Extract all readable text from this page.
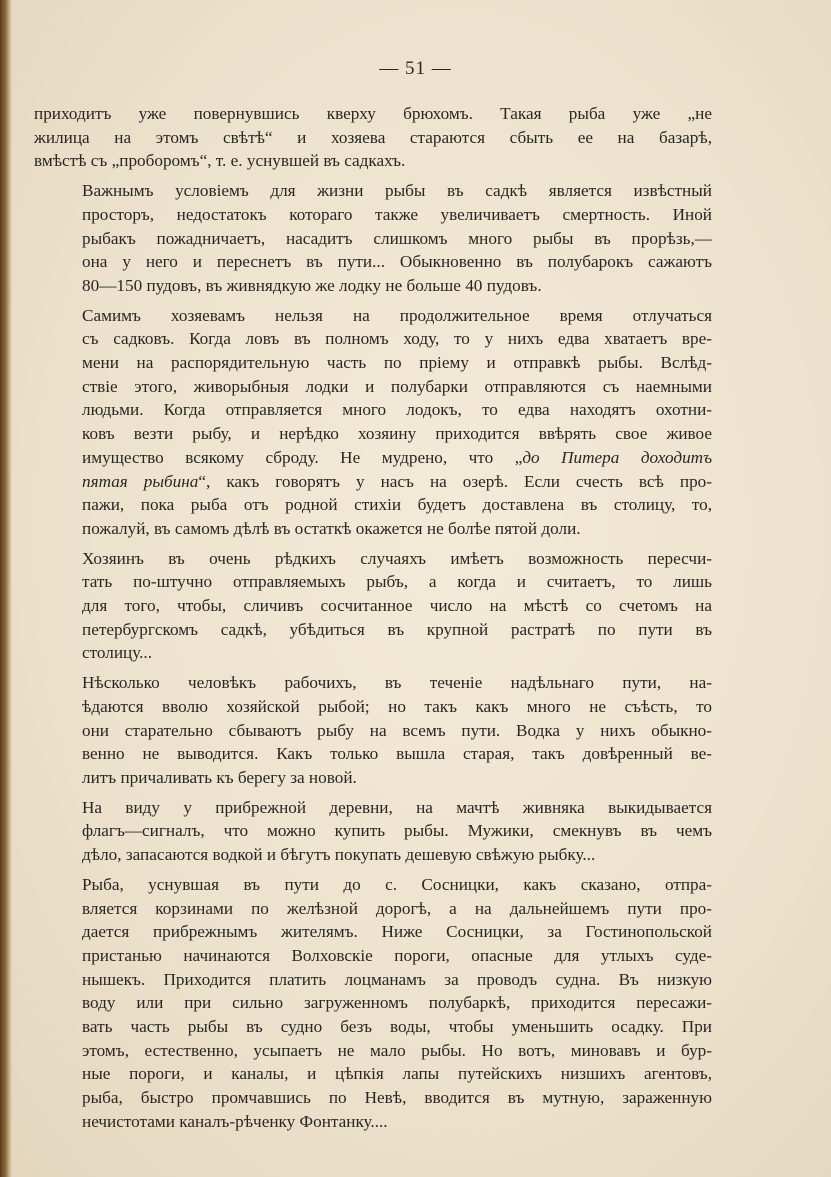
— 51 —

приходитъ уже повернувшись кверху брюхомъ. Такая рыба уже „не
жилица на этомъ свѣтѣ“ и хозяева стараются сбыть ее на базарѣ,
вмѣстѣ съ „проборомъ“, т. е. уснувшей въ садкахъ.

Важнымъ условіемъ для жизни рыбы въ садкѣ является извѣстный
просторъ, недостатокъ котораго также увеличиваетъ смертность. Иной
рыбакъ пожадничаетъ, насадитъ слишкомъ много рыбы въ прорѣзь,—
она у него и переснетъ въ пути... Обыкновенно въ полубарокъ сажаютъ
80—150 пудовъ, въ живнядкую же лодку не больше 40 пудовъ.

Самимъ хозяевамъ нельзя на продолжительное время отлучаться
съ садковъ. Когда ловъ въ полномъ ходу, то у нихъ едва хватаетъ вре-
мени на распорядительную часть по пріему и отправкѣ рыбы. Вслѣд-
ствіе этого, живорыбныя лодки и полубарки отправляются съ наемными
людьми. Когда отправляется много лодокъ, то едва находятъ охотни-
ковъ везти рыбу, и нерѣдко хозяину приходится ввѣрять свое живое
имущество всякому сброду. Не мудрено, что „до Питера доходитъ
пятая рыбина“, какъ говорятъ у насъ на озерѣ. Если счесть всѣ про-
пажи, пока рыба отъ родной стихіи будетъ доставлена въ столицу, то,
пожалуй, въ самомъ дѣлѣ въ остаткѣ окажется не болѣе пятой доли.

Хозяинъ въ очень рѣдкихъ случаяхъ имѣетъ возможность пересчи-
тать по-штучно отправляемыхъ рыбъ, а когда и считаетъ, то лишь
для того, чтобы, сличивъ сосчитанное число на мѣстѣ со счетомъ на
петербургскомъ садкѣ, убѣдиться въ крупной растратѣ по пути въ
столицу...

Нѣсколько человѣкъ рабочихъ, въ теченіе надѣльнаго пути, на-
ѣдаются вволю хозяйской рыбой; но такъ какъ много не съѣсть, то
они старательно сбываютъ рыбу на всемъ пути. Водка у нихъ обыкно-
венно не выводится. Какъ только вышла старая, такъ довѣренный ве-
литъ причаливать къ берегу за новой.

На виду у прибрежной деревни, на мачтѣ живняка выкидывается
флагъ—сигналъ, что можно купить рыбы. Мужики, смекнувъ въ чемъ
дѣло, запасаются водкой и бѣгутъ покупать дешевую свѣжую рыбку...

Рыба, уснувшая въ пути до с. Сосницки, какъ сказано, отпра-
вляется корзинами по желѣзной дорогѣ, а на дальнейшемъ пути про-
дается прибрежнымъ жителямъ. Ниже Сосницки, за Гостинопольской
пристанью начинаются Волховскіе пороги, опасные для утлыхъ суде-
нышекъ. Приходится платить лоцманамъ за проводъ судна. Въ низкую
воду или при сильно загруженномъ полубаркѣ, приходится пересажи-
вать часть рыбы въ судно безъ воды, чтобы уменьшить осадку. При
этомъ, естественно, усыпаетъ не мало рыбы. Но вотъ, миновавъ и бур-
ные пороги, и каналы, и цѣпкія лапы путейскихъ низшихъ агентовъ,
рыба, быстро промчавшись по Невѣ, вводится въ мутную, зараженную
нечистотами каналъ-рѣченку Фонтанку....
